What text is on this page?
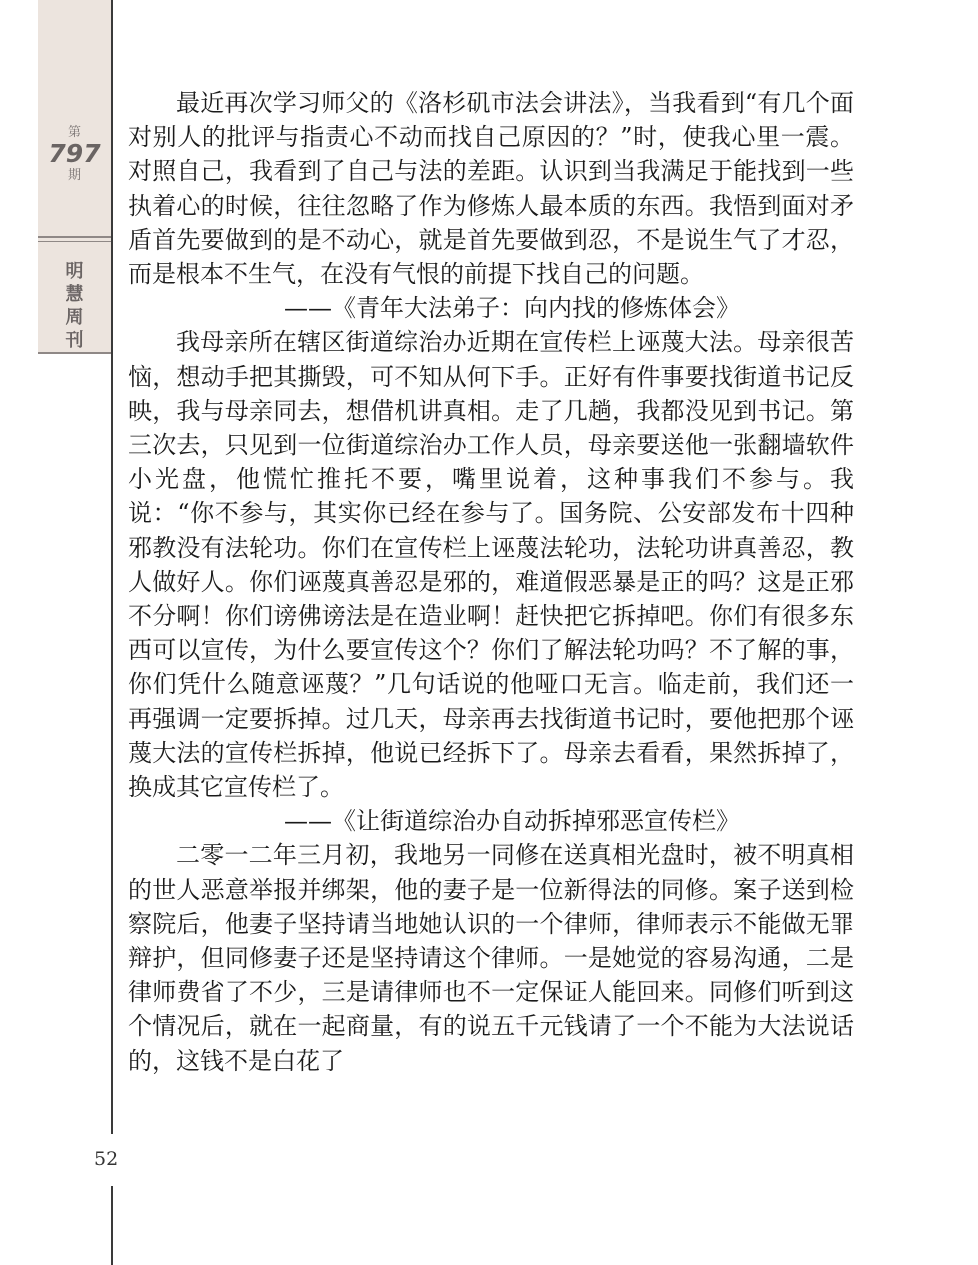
第
797
期
明
慧
周
刊
52

最近再次学习师父的《洛杉矶市法会讲法》，当我看到“有几个面对别人的批评与指责心不动而找自己原因的？”时，使我心里一震。对照自己，我看到了自己与法的差距。认识到当我满足于能找到一些执着心的时候，往往忽略了作为修炼人最本质的东西。我悟到面对矛盾首先要做到的是不动心，就是首先要做到忍，不是说生气了才忍，而是根本不生气，在没有气恨的前提下找自己的问题。

——《青年大法弟子：向内找的修炼体会》

我母亲所在辖区街道综治办近期在宣传栏上诬蔑大法。母亲很苦恼，想动手把其撕毁，可不知从何下手。正好有件事要找街道书记反映，我与母亲同去，想借机讲真相。走了几趟，我都没见到书记。第三次去，只见到一位街道综治办工作人员，母亲要送他一张翻墙软件小光盘，他慌忙推托不要，嘴里说着，这种事我们不参与。我说：“你不参与，其实你已经在参与了。国务院、公安部发布十四种邪教没有法轮功。你们在宣传栏上诬蔑法轮功，法轮功讲真善忍，教人做好人。你们诬蔑真善忍是邪的，难道假恶暴是正的吗？这是正邪不分啊！你们谤佛谤法是在造业啊！赶快把它拆掉吧。你们有很多东西可以宣传，为什么要宣传这个？你们了解法轮功吗？不了解的事，你们凭什么随意诬蔑？”几句话说的他哑口无言。临走前，我们还一再强调一定要拆掉。过几天，母亲再去找街道书记时，要他把那个诬蔑大法的宣传栏拆掉，他说已经拆下了。母亲去看看，果然拆掉了，换成其它宣传栏了。

——《让街道综治办自动拆掉邪恶宣传栏》

二零一二年三月初，我地另一同修在送真相光盘时，被不明真相的世人恶意举报并绑架，他的妻子是一位新得法的同修。案子送到检察院后，他妻子坚持请当地她认识的一个律师，律师表示不能做无罪辩护，但同修妻子还是坚持请这个律师。一是她觉的容易沟通，二是律师费省了不少，三是请律师也不一定保证人能回来。同修们听到这个情况后，就在一起商量，有的说五千元钱请了一个不能为大法说话的，这钱不是白花了
